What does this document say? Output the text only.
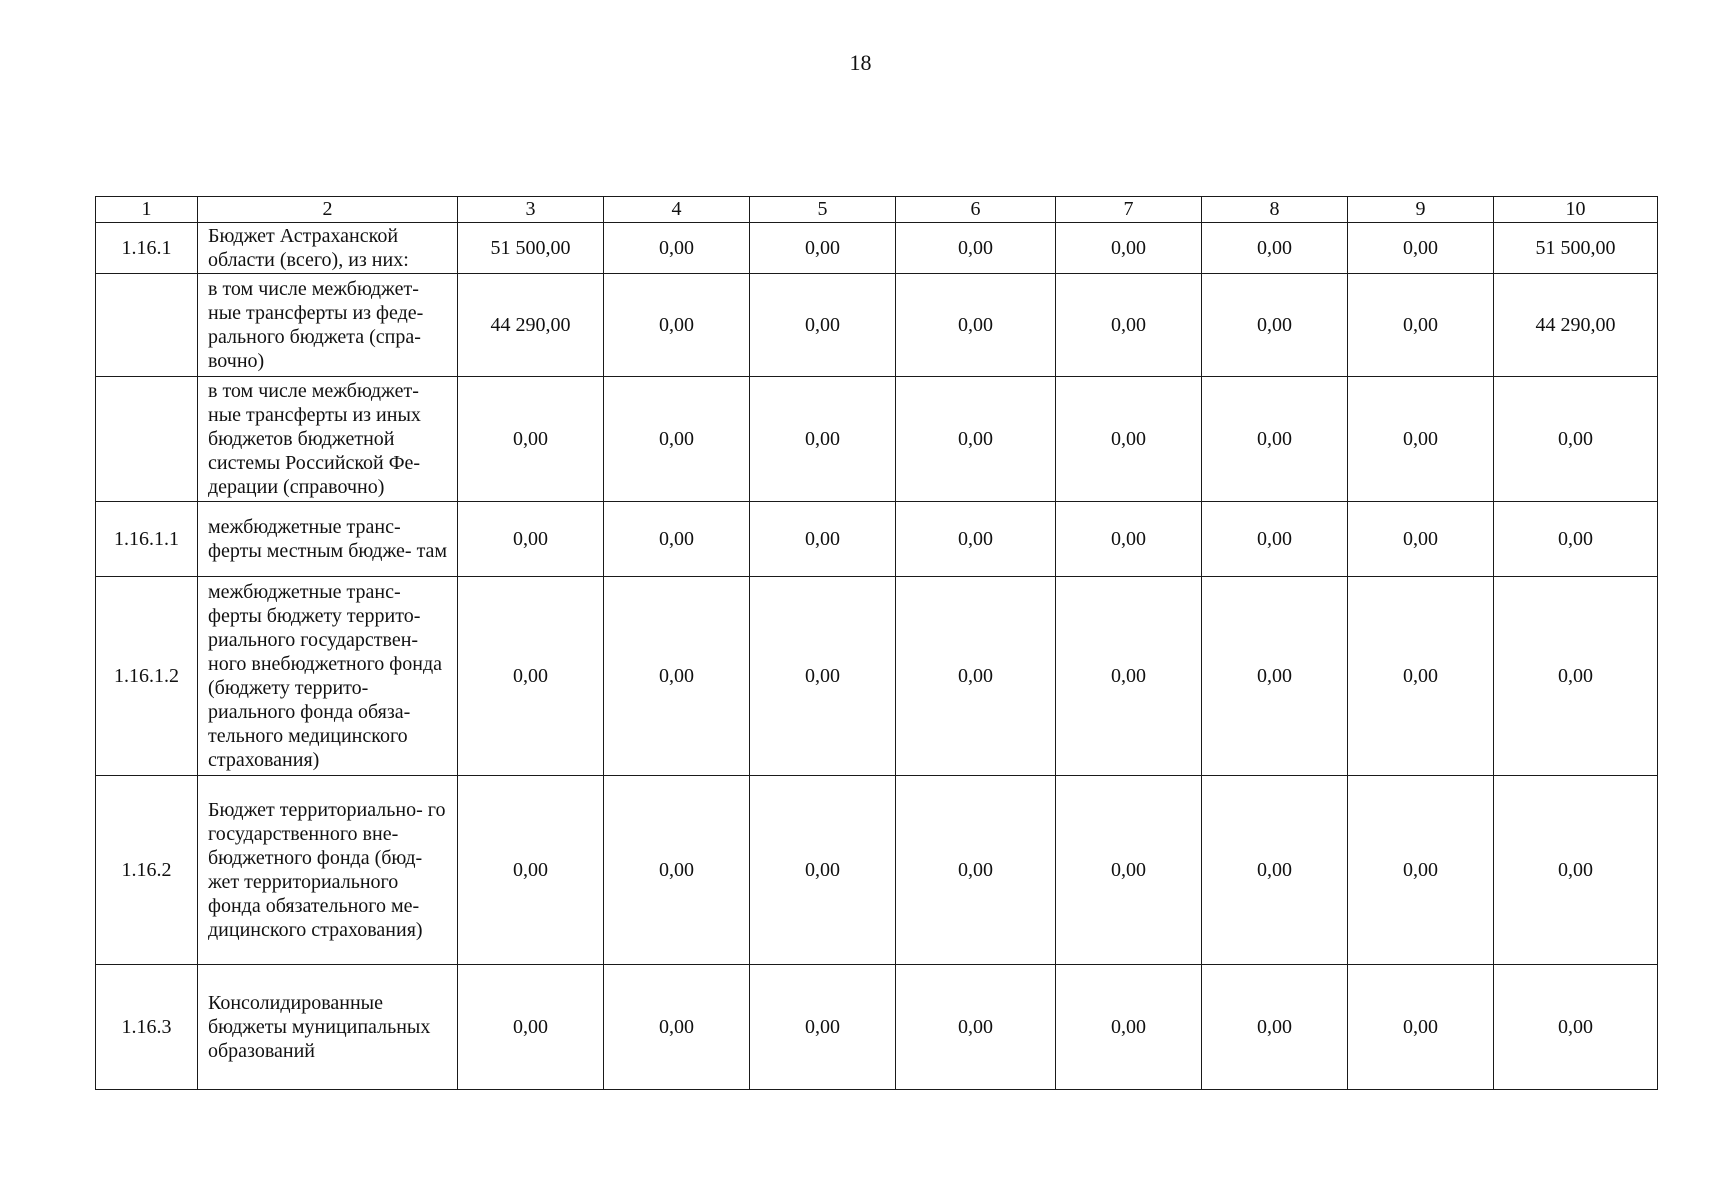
18
1	2	3	4	5	6	7	8	9	10
1.16.1	Бюджет Астраханской области (всего), из них:	51 500,00	0,00	0,00	0,00	0,00	0,00	0,00	51 500,00
	в том числе межбюджет- ные трансферты из феде- рального бюджета (спра- вочно)	44 290,00	0,00	0,00	0,00	0,00	0,00	0,00	44 290,00
	в том числе межбюджет- ные трансферты из иных бюджетов бюджетной системы Российской Фе- дерации (справочно)	0,00	0,00	0,00	0,00	0,00	0,00	0,00	0,00
1.16.1.1	межбюджетные транс- ферты местным бюдже- там	0,00	0,00	0,00	0,00	0,00	0,00	0,00	0,00
1.16.1.2	межбюджетные транс- ферты бюджету террито- риального государствен- ного внебюджетного фонда (бюджету террито- риального фонда обяза- тельного медицинского страхования)	0,00	0,00	0,00	0,00	0,00	0,00	0,00	0,00
1.16.2	Бюджет территориально- го государственного вне- бюджетного фонда (бюд- жет территориального фонда обязательного ме- дицинского страхования)	0,00	0,00	0,00	0,00	0,00	0,00	0,00	0,00
1.16.3	Консолидированные бюджеты муниципальных образований	0,00	0,00	0,00	0,00	0,00	0,00	0,00	0,00
